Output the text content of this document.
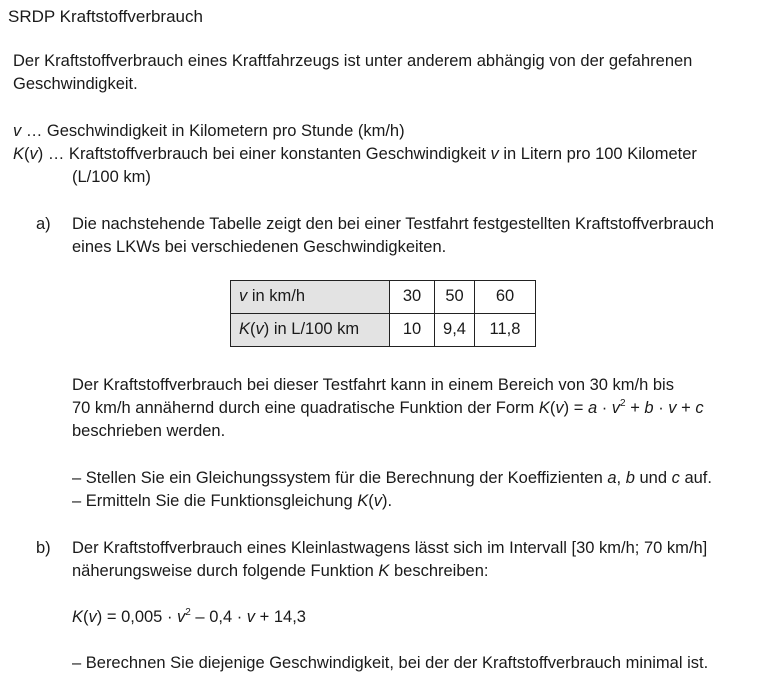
SRDP Kraftstoffverbrauch
Der Kraftstoffverbrauch eines Kraftfahrzeugs ist unter anderem abhängig von der gefahrenen
Geschwindigkeit.
v … Geschwindigkeit in Kilometern pro Stunde (km/h)
K(v) … Kraftstoffverbrauch bei einer konstanten Geschwindigkeit v in Litern pro 100 Kilometer
(L/100 km)
a) Die nachstehende Tabelle zeigt den bei einer Testfahrt festgestellten Kraftstoffverbrauch
eines LKWs bei verschiedenen Geschwindigkeiten.
v in km/h	30	50	60
K(v) in L/100 km	10	9,4	11,8
Der Kraftstoffverbrauch bei dieser Testfahrt kann in einem Bereich von 30 km/h bis
70 km/h annähernd durch eine quadratische Funktion der Form $K(v) = a \cdot v^2 + b \cdot v + c$
beschrieben werden.
– Stellen Sie ein Gleichungssystem für die Berechnung der Koeffizienten a, b und c auf.
– Ermitteln Sie die Funktionsgleichung K(v).
b) Der Kraftstoffverbrauch eines Kleinlastwagens lässt sich im Intervall [30 km/h; 70 km/h]
näherungsweise durch folgende Funktion K beschreiben:
$K(v) = 0,005 \cdot v^2 - 0,4 \cdot v + 14,3$
– Berechnen Sie diejenige Geschwindigkeit, bei der der Kraftstoffverbrauch minimal ist.
